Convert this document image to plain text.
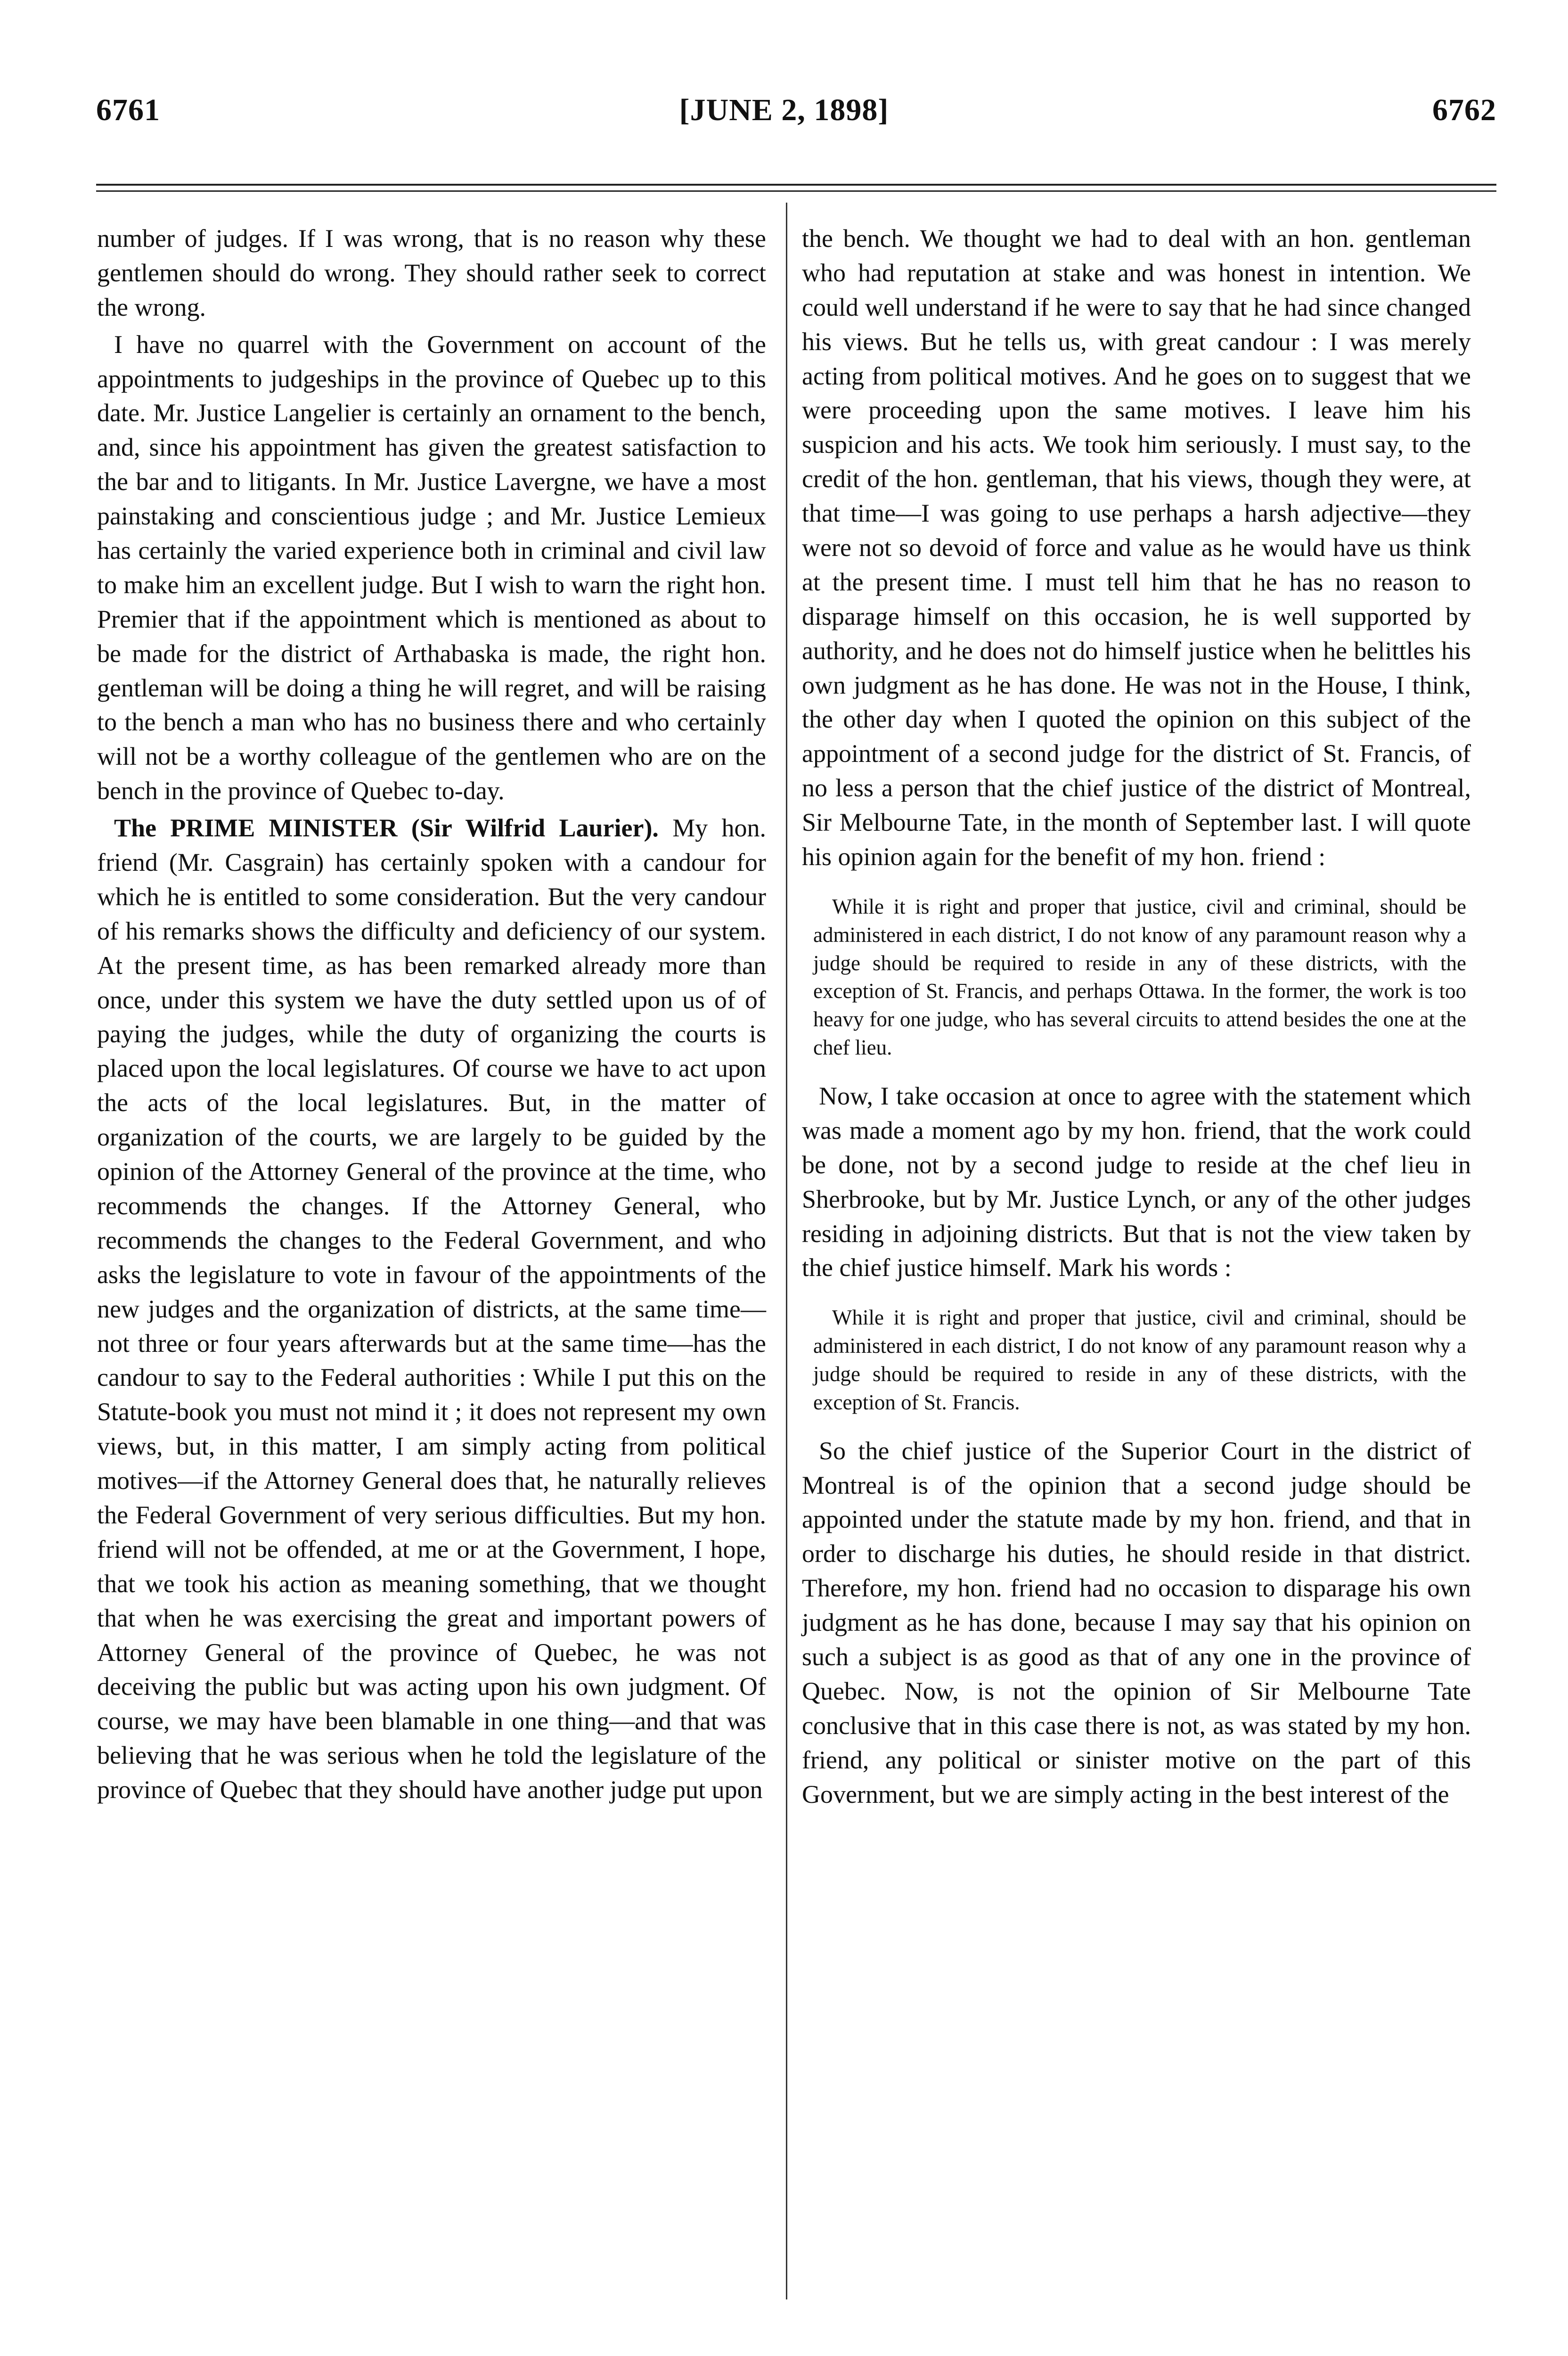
6761	[JUNE 2, 1898]	6762

number of judges. If I was wrong, that is no reason why these gentlemen should do wrong. They should rather seek to correct the wrong.

I have no quarrel with the Government on account of the appointments to judgeships in the province of Quebec up to this date. Mr. Justice Langelier is certainly an ornament to the bench, and, since his appointment has given the greatest satisfaction to the bar and to litigants. In Mr. Justice Lavergne, we have a most painstaking and conscientious judge ; and Mr. Justice Lemieux has certainly the varied experience both in criminal and civil law to make him an excellent judge. But I wish to warn the right hon. Premier that if the appointment which is mentioned as about to be made for the district of Arthabaska is made, the right hon. gentleman will be doing a thing he will regret, and will be raising to the bench a man who has no business there and who certainly will not be a worthy colleague of the gentlemen who are on the bench in the province of Quebec to-day.

The PRIME MINISTER (Sir Wilfrid Laurier). My hon. friend (Mr. Casgrain) has certainly spoken with a candour for which he is entitled to some consideration. But the very candour of his remarks shows the difficulty and deficiency of our system. At the present time, as has been remarked already more than once, under this system we have the duty settled upon us of of paying the judges, while the duty of organizing the courts is placed upon the local legislatures. Of course we have to act upon the acts of the local legislatures. But, in the matter of organization of the courts, we are largely to be guided by the opinion of the Attorney General of the province at the time, who recommends the changes. If the Attorney General, who recommends the changes to the Federal Government, and who asks the legislature to vote in favour of the appointments of the new judges and the organization of districts, at the same time—not three or four years afterwards but at the same time—has the candour to say to the Federal authorities : While I put this on the Statute-book you must not mind it ; it does not represent my own views, but, in this matter, I am simply acting from political motives—if the Attorney General does that, he naturally relieves the Federal Government of very serious difficulties. But my hon. friend will not be offended, at me or at the Government, I hope, that we took his action as meaning something, that we thought that when he was exercising the great and important powers of Attorney General of the province of Quebec, he was not deceiving the public but was acting upon his own judgment. Of course, we may have been blamable in one thing—and that was believing that he was serious when he told the legislature of the province of Quebec that they should have another judge put upon

the bench. We thought we had to deal with an hon. gentleman who had reputation at stake and was honest in intention. We could well understand if he were to say that he had since changed his views. But he tells us, with great candour : I was merely acting from political motives. And he goes on to suggest that we were proceeding upon the same motives. I leave him his suspicion and his acts. We took him seriously. I must say, to the credit of the hon. gentleman, that his views, though they were, at that time—I was going to use perhaps a harsh adjective—they were not so devoid of force and value as he would have us think at the present time. I must tell him that he has no reason to disparage himself on this occasion, he is well supported by authority, and he does not do himself justice when he belittles his own judgment as he has done. He was not in the House, I think, the other day when I quoted the opinion on this subject of the appointment of a second judge for the district of St. Francis, of no less a person that the chief justice of the district of Montreal, Sir Melbourne Tate, in the month of September last. I will quote his opinion again for the benefit of my hon. friend :

While it is right and proper that justice, civil and criminal, should be administered in each district, I do not know of any paramount reason why a judge should be required to reside in any of these districts, with the exception of St. Francis, and perhaps Ottawa. In the former, the work is too heavy for one judge, who has several circuits to attend besides the one at the chef lieu.

Now, I take occasion at once to agree with the statement which was made a moment ago by my hon. friend, that the work could be done, not by a second judge to reside at the chef lieu in Sherbrooke, but by Mr. Justice Lynch, or any of the other judges residing in adjoining districts. But that is not the view taken by the chief justice himself. Mark his words :

While it is right and proper that justice, civil and criminal, should be administered in each district, I do not know of any paramount reason why a judge should be required to reside in any of these districts, with the exception of St. Francis.

So the chief justice of the Superior Court in the district of Montreal is of the opinion that a second judge should be appointed under the statute made by my hon. friend, and that in order to discharge his duties, he should reside in that district. Therefore, my hon. friend had no occasion to disparage his own judgment as he has done, because I may say that his opinion on such a subject is as good as that of any one in the province of Quebec. Now, is not the opinion of Sir Melbourne Tate conclusive that in this case there is not, as was stated by my hon. friend, any political or sinister motive on the part of this Government, but we are simply acting in the best interest of the
